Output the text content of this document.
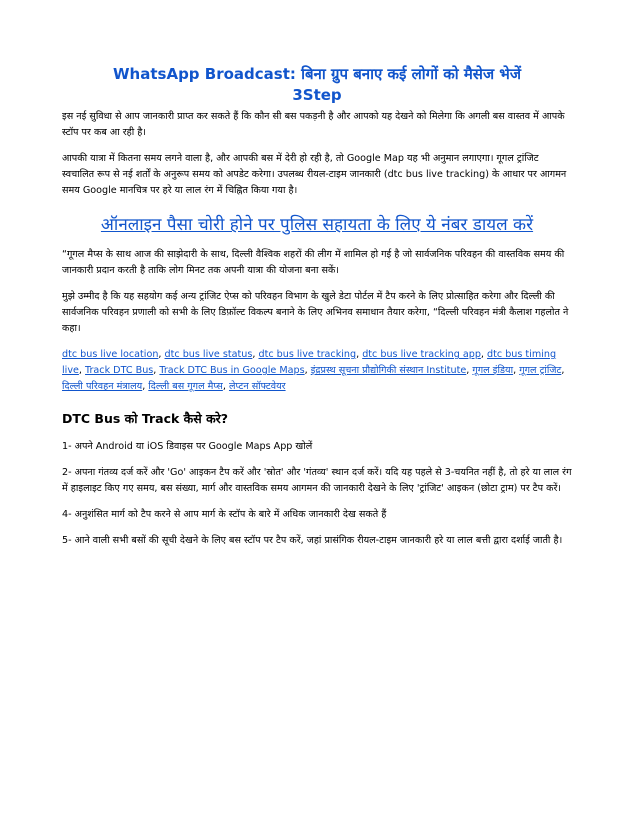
WhatsApp Broadcast: बिना ग्रुप बनाए कई लोगों को मैसेज भेजें
3Step

इस नई सुविधा से आप जानकारी प्राप्त कर सकते हैं कि कौन सी बस पकड़नी है और आपको यह देखने को मिलेगा कि अगली बस वास्तव में आपके स्टॉप पर कब आ रही है।

आपकी यात्रा में कितना समय लगने वाला है, और आपकी बस में देरी हो रही है, तो Google Map यह भी अनुमान लगाएगा। गूगल ट्रांजिट स्वचालित रूप से नई शर्तों के अनुरूप समय को अपडेट करेगा। उपलब्ध रीयल-टाइम जानकारी (dtc bus live tracking) के आधार पर आगमन समय Google मानचित्र पर हरे या लाल रंग में चिह्नित किया गया है।

ऑनलाइन पैसा चोरी होने पर पुलिस सहायता के लिए ये नंबर डायल करें

“गूगल मैप्स के साथ आज की साझेदारी के साथ, दिल्ली वैश्विक शहरों की लीग में शामिल हो गई है जो सार्वजनिक परिवहन की वास्तविक समय की जानकारी प्रदान करती है ताकि लोग मिनट तक अपनी यात्रा की योजना बना सकें।

मुझे उम्मीद है कि यह सहयोग कई अन्य ट्रांजिट ऐप्स को परिवहन विभाग के खुले डेटा पोर्टल में टैप करने के लिए प्रोत्साहित करेगा और दिल्ली की सार्वजनिक परिवहन प्रणाली को सभी के लिए डिफ़ॉल्ट विकल्प बनाने के लिए अभिनव समाधान तैयार करेगा, “दिल्ली परिवहन मंत्री कैलाश गहलोत ने कहा।

dtc bus live location, dtc bus live status, dtc bus live tracking, dtc bus live tracking app, dtc bus timing live, Track DTC Bus, Track DTC Bus in Google Maps, इंद्रप्रस्थ सूचना प्रौद्योगिकी संस्थान Institute, गूगल इंडिया, गूगल ट्रांजिट, दिल्ली परिवहन मंत्रालय, दिल्ली बस गूगल मैप्स, लेप्टन सॉफ्टवेयर
DTC Bus को Track कैसे करे?

1- अपने Android या iOS डिवाइस पर Google Maps App खोलें

2- अपना गंतव्य दर्ज करें और 'Go' आइकन टैप करें और 'स्रोत' और 'गंतव्य' स्थान दर्ज करें। यदि यह पहले से 3-चयनित नहीं है, तो हरे या लाल रंग में हाइलाइट किए गए समय, बस संख्या, मार्ग और वास्तविक समय आगमन की जानकारी देखने के लिए 'ट्रांजिट' आइकन (छोटा ट्राम) पर टैप करें।

4- अनुशंसित मार्ग को टैप करने से आप मार्ग के स्टॉप के बारे में अधिक जानकारी देख सकते हैं

5- आने वाली सभी बसों की सूची देखने के लिए बस स्टॉप पर टैप करें, जहां प्रासंगिक रीयल-टाइम जानकारी हरे या लाल बत्ती द्वारा दर्शाई जाती है।
